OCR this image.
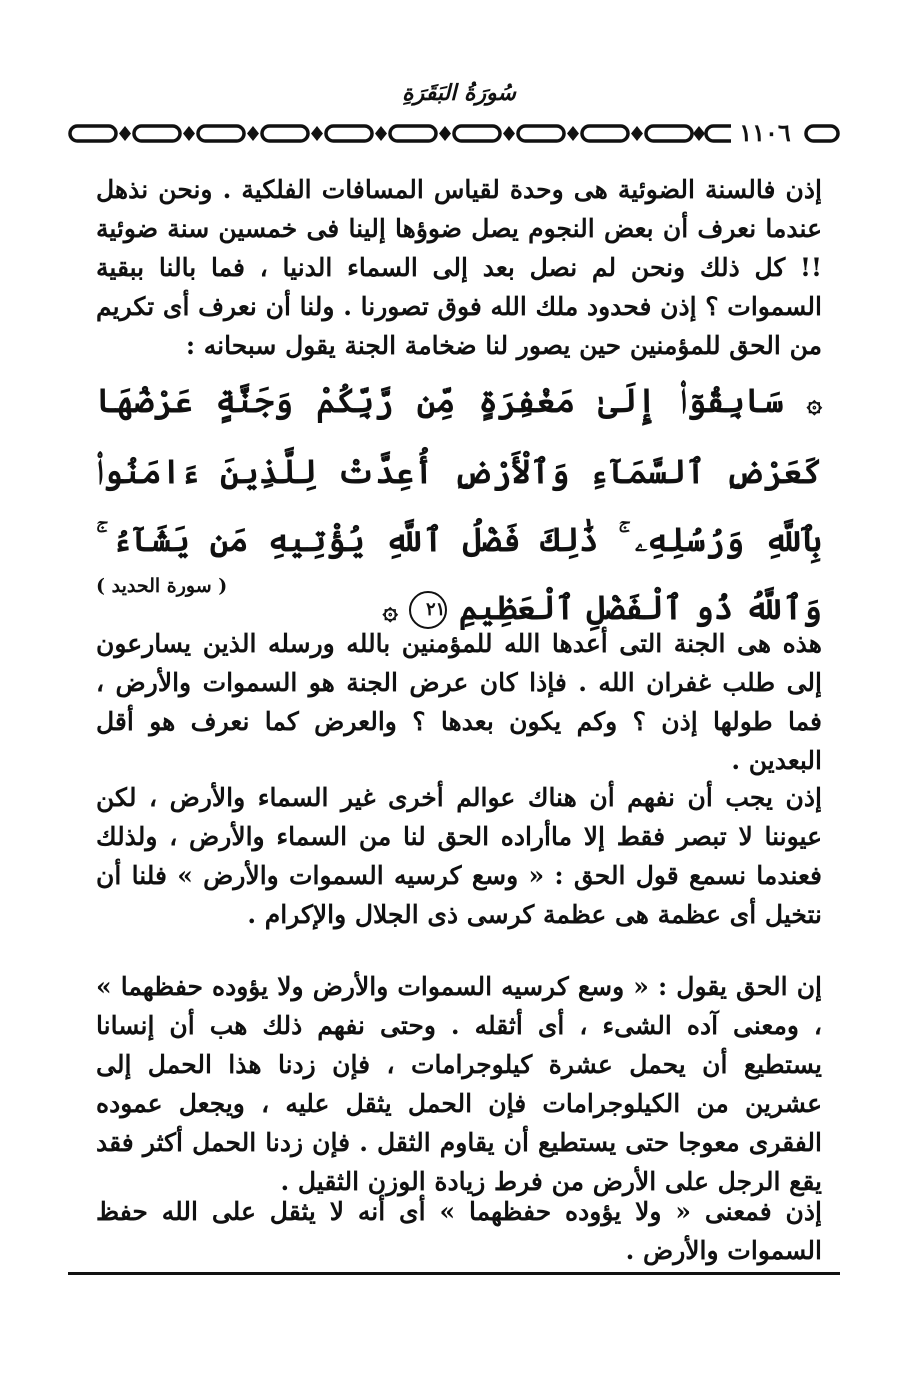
سُورَةُ البَقَرَةِ
١١٠٦

إذن فالسنة الضوئية هى وحدة لقياس المسافات الفلكية . ونحن نذهل عندما نعرف أن بعض النجوم يصل ضوؤها إلينا فى خمسين سنة ضوئية !! كل ذلك ونحن لم نصل بعد إلى السماء الدنيا ، فما بالنا ببقية السموات ؟ إذن فحدود ملك الله فوق تصورنا . ولنا أن نعرف أى تكريم من الحق للمؤمنين حين يصور لنا ضخامة الجنة يقول سبحانه :

۞ سَابِقُوٓا۟ إِلَىٰ مَغْفِرَةٍ مِّن رَّبِّكُمْ وَجَنَّةٍ عَرْضُهَا كَعَرْضِ ٱلسَّمَآءِ وَٱلْأَرْضِ أُعِدَّتْ لِلَّذِينَ ءَامَنُوا۟ بِٱللَّهِ وَرُسُلِهِۦ ۚ ذَٰلِكَ فَضْلُ ٱللَّهِ يُؤْتِيهِ مَن يَشَآءُ ۚ وَٱللَّهُ ذُو ٱلْفَضْلِ ٱلْعَظِيمِ ٢١ ۞

( سورة الحديد )

هذه هى الجنة التى أعدها الله للمؤمنين بالله ورسله الذين يسارعون إلى طلب غفران الله . فإذا كان عرض الجنة هو السموات والأرض ، فما طولها إذن ؟ وكم يكون بعدها ؟ والعرض كما نعرف هو أقل البعدين .

إذن يجب أن نفهم أن هناك عوالم أخرى غير السماء والأرض ، لكن عيوننا لا تبصر فقط إلا ماأراده الحق لنا من السماء والأرض ، ولذلك فعندما نسمع قول الحق : « وسع كرسيه السموات والأرض » فلنا أن نتخيل أى عظمة هى عظمة كرسى ذى الجلال والإكرام .

إن الحق يقول : « وسع كرسيه السموات والأرض ولا يؤوده حفظهما » ، ومعنى آده الشىء ، أى أثقله . وحتى نفهم ذلك هب أن إنسانا يستطيع أن يحمل عشرة كيلوجرامات ، فإن زدنا هذا الحمل إلى عشرين من الكيلوجرامات فإن الحمل يثقل عليه ، ويجعل عموده الفقرى معوجا حتى يستطيع أن يقاوم الثقل . فإن زدنا الحمل أكثر فقد يقع الرجل على الأرض من فرط زيادة الوزن الثقيل .

إذن فمعنى « ولا يؤوده حفظهما » أى أنه لا يثقل على الله حفظ السموات والأرض .
